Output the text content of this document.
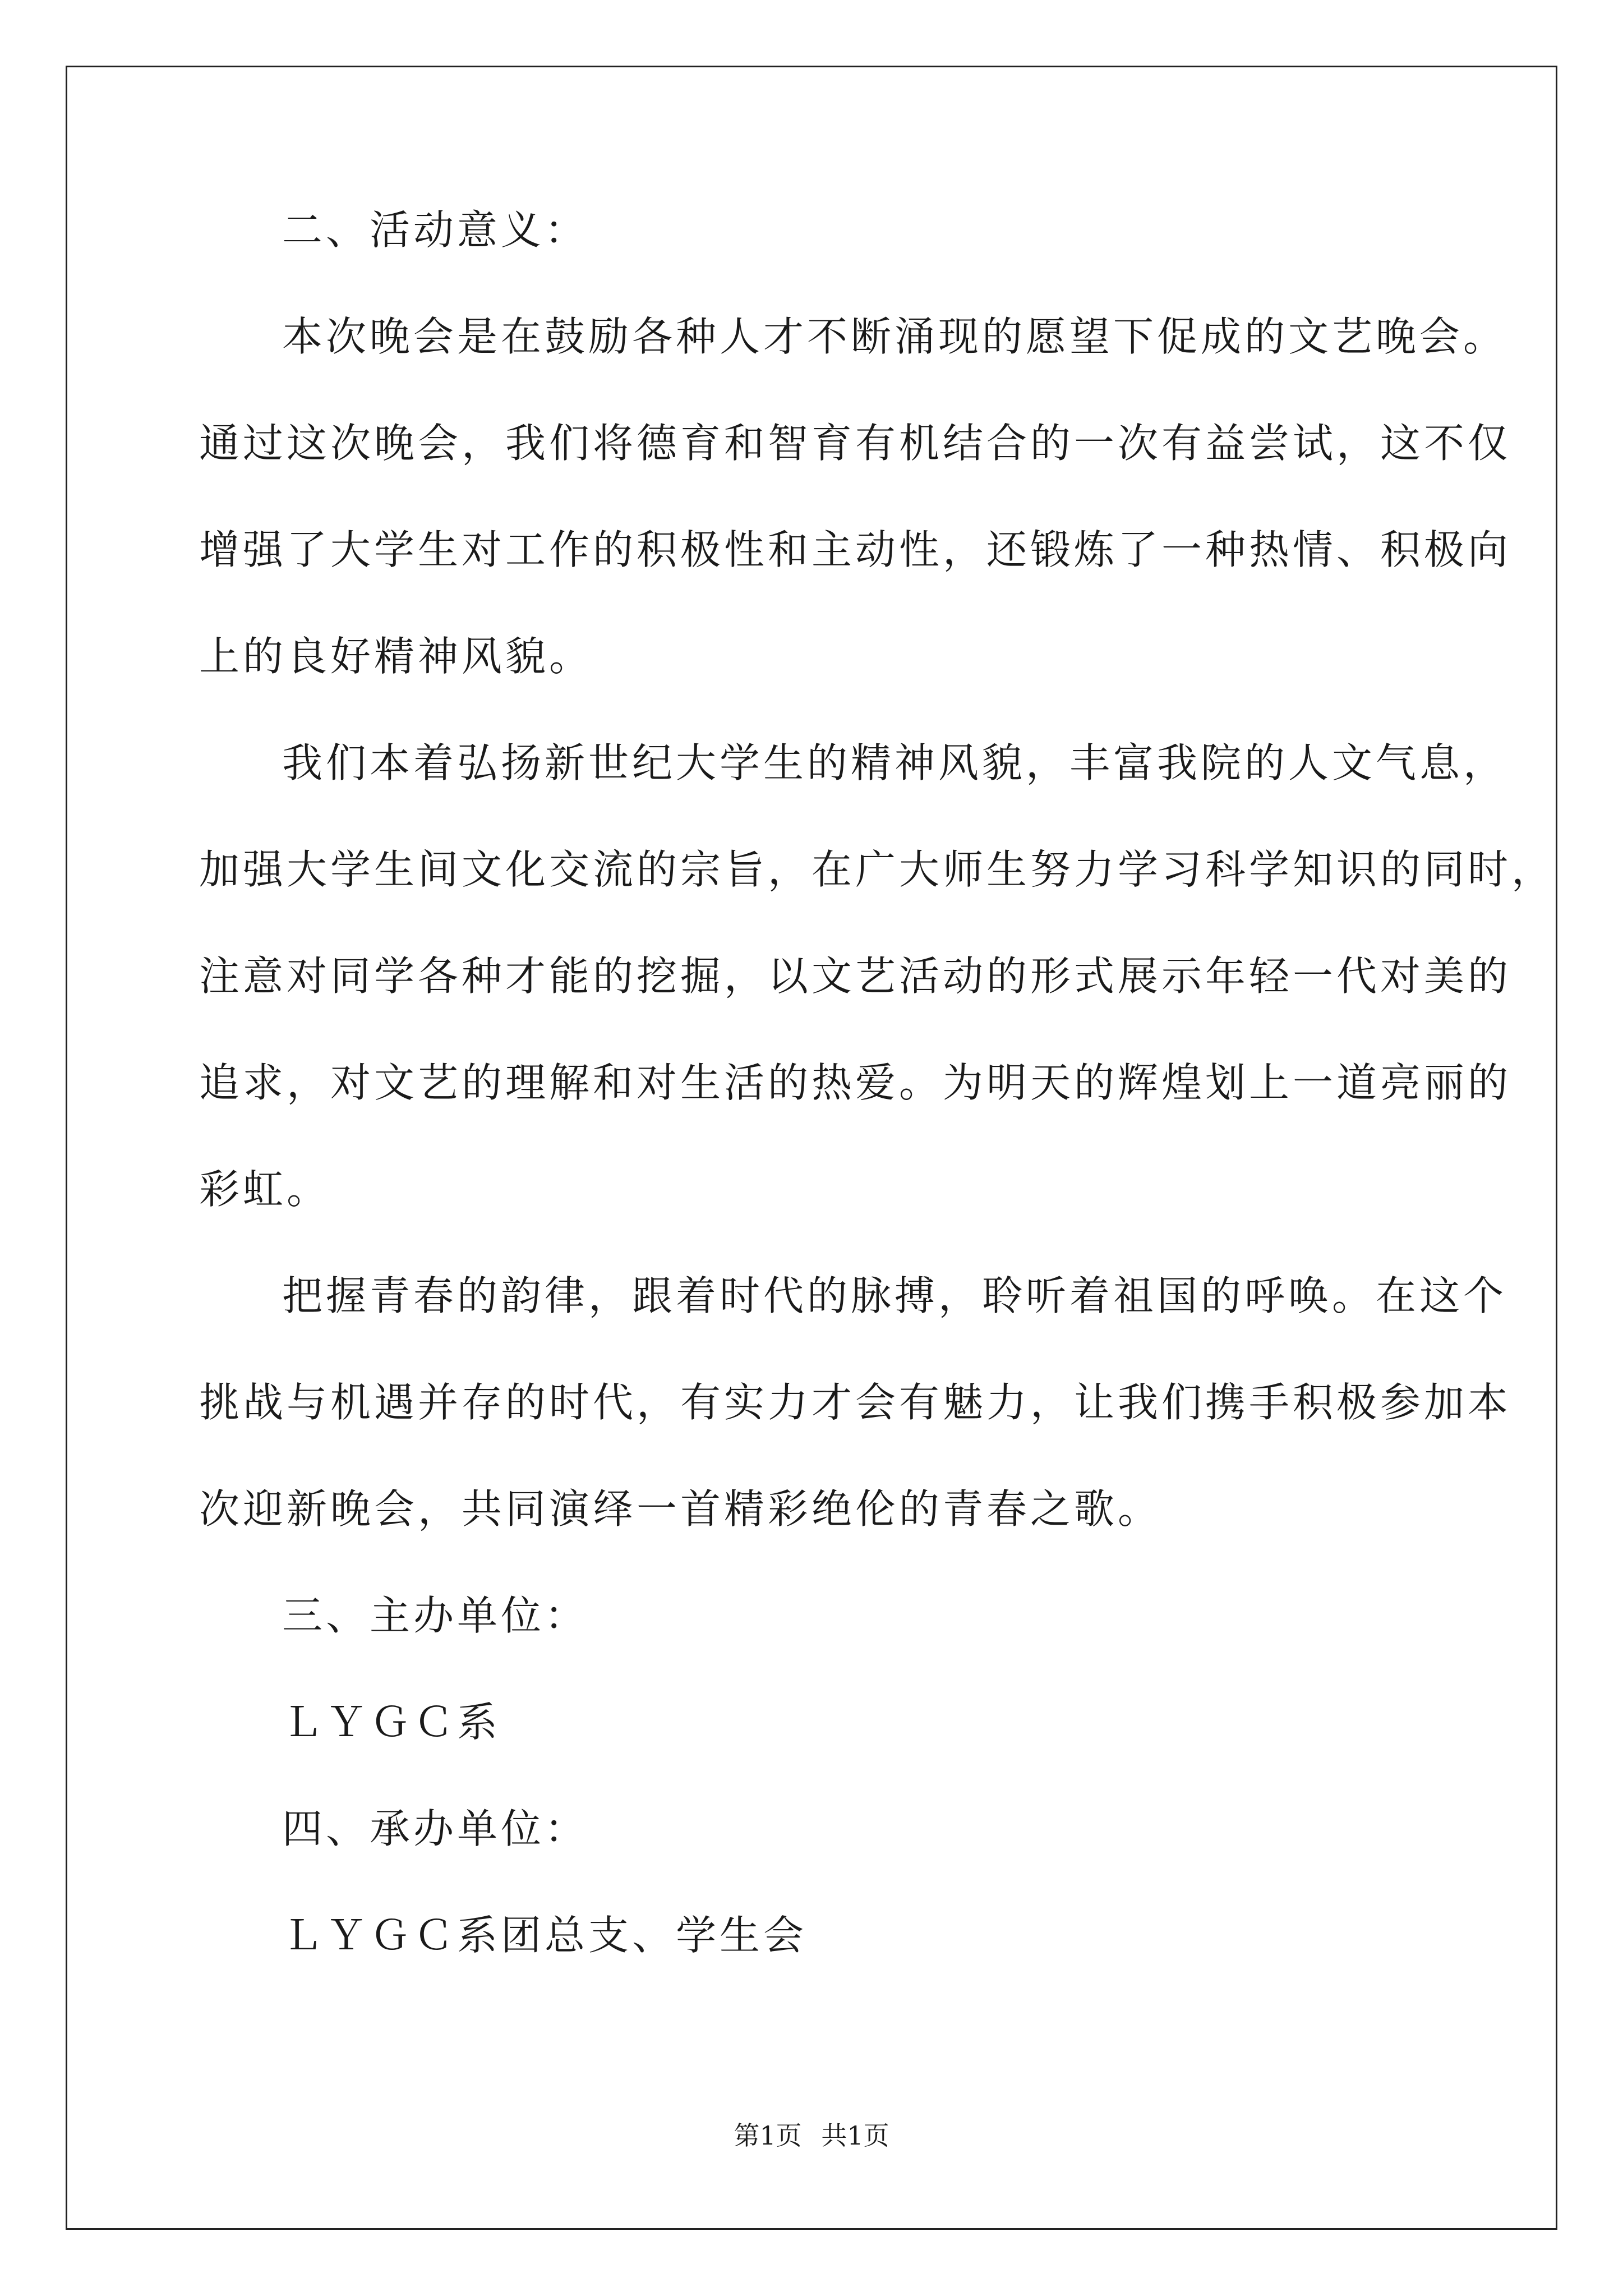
二、活动意义：
本次晚会是在鼓励各种人才不断涌现的愿望下促成的文艺晚会。
通过这次晚会，我们将德育和智育有机结合的一次有益尝试，这不仅
增强了大学生对工作的积极性和主动性，还锻炼了一种热情、积极向
上的良好精神风貌。
我们本着弘扬新世纪大学生的精神风貌，丰富我院的人文气息，
加强大学生间文化交流的宗旨，在广大师生努力学习科学知识的同时，
注意对同学各种才能的挖掘，以文艺活动的形式展示年轻一代对美的
追求，对文艺的理解和对生活的热爱。为明天的辉煌划上一道亮丽的
彩虹。
把握青春的韵律，跟着时代的脉搏，聆听着祖国的呼唤。在这个
挑战与机遇并存的时代，有实力才会有魅力，让我们携手积极参加本
次迎新晚会，共同演绎一首精彩绝伦的青春之歌。
三、主办单位：
ＬＹＧＣ系
四、承办单位：
ＬＹＧＣ系团总支、学生会
第1页 共1页
